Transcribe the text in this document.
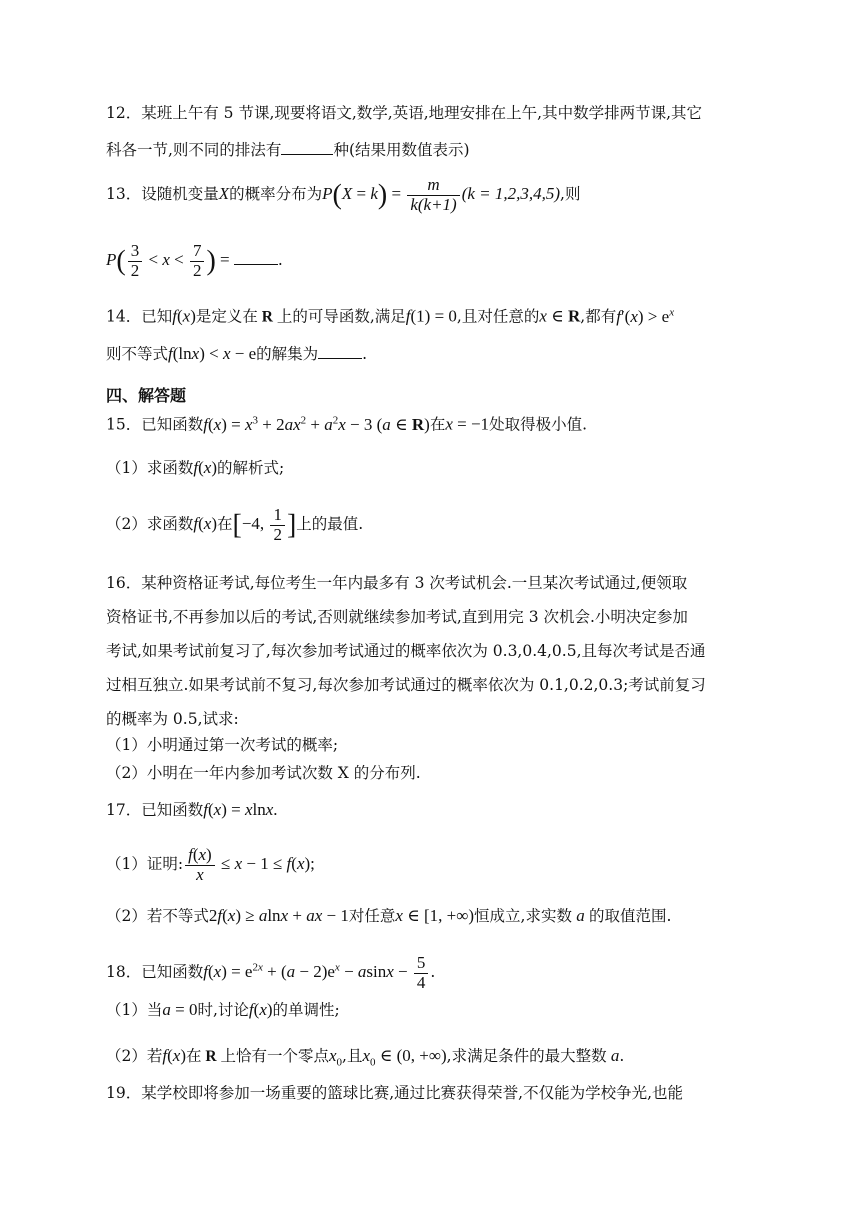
12．某班上午有 5 节课,现要将语文,数学,英语,地理安排在上午,其中数学排两节课,其它
科各一节,则不同的排法有	种(结果用数值表示)
13．设随机变量X的概率分布为$P(X = k) = \frac{m}{k(k+1)} (k = 1,2,3,4,5)$,则
$P( \frac{3}{2} < x < \frac{7}{2}$ ) =	.
14．已知f(x)是定义在 R 上的可导函数,满足f(1) = 0,且对任意的x ∈ R,都有$f'(x) > e^x$
则不等式f(lnx) < x − e的解集为	.
四、解答题
15．已知函数$f(x) = x^3 + 2ax^2 + a^2x - 3$ (a ∈ R)在x = −1处取得极小值.
（1）求函数f(x)的解析式;
（2）求函数f(x)在[−4, $\frac{1}{2}$ ]上的最值.
16．某种资格证考试,每位考生一年内最多有 3 次考试机会.一旦某次考试通过,便领取
资格证书,不再参加以后的考试,否则就继续参加考试,直到用完 3 次机会.小明决定参加
考试,如果考试前复习了,每次参加考试通过的概率依次为 0.3,0.4,0.5,且每次考试是否通
过相互独立.如果考试前不复习,每次参加考试通过的概率依次为 0.1,0.2,0.3;考试前复习
的概率为 0.5,试求:
（1）小明通过第一次考试的概率;
（2）小明在一年内参加考试次数 X 的分布列.
17．已知函数f(x) = xlnx.
（1）证明: $\frac{f(x)}{x} \le x - 1 \le f(x)$;
（2）若不等式2f(x) ≥ alnx + ax − 1对任意x ∈ [1, +∞)恒成立,求实数 a 的取值范围.
18．已知函数$f(x) = e^{2x} + (a - 2)e^x - asinx - \frac{5}{4}$ .
（1）当a = 0时,讨论f(x)的单调性;
（2）若f(x)在 R 上恰有一个零点$x_0$,且$x_0$ ∈ (0, +∞),求满足条件的最大整数 a.
19．某学校即将参加一场重要的篮球比赛,通过比赛获得荣誉,不仅能为学校争光,也能
